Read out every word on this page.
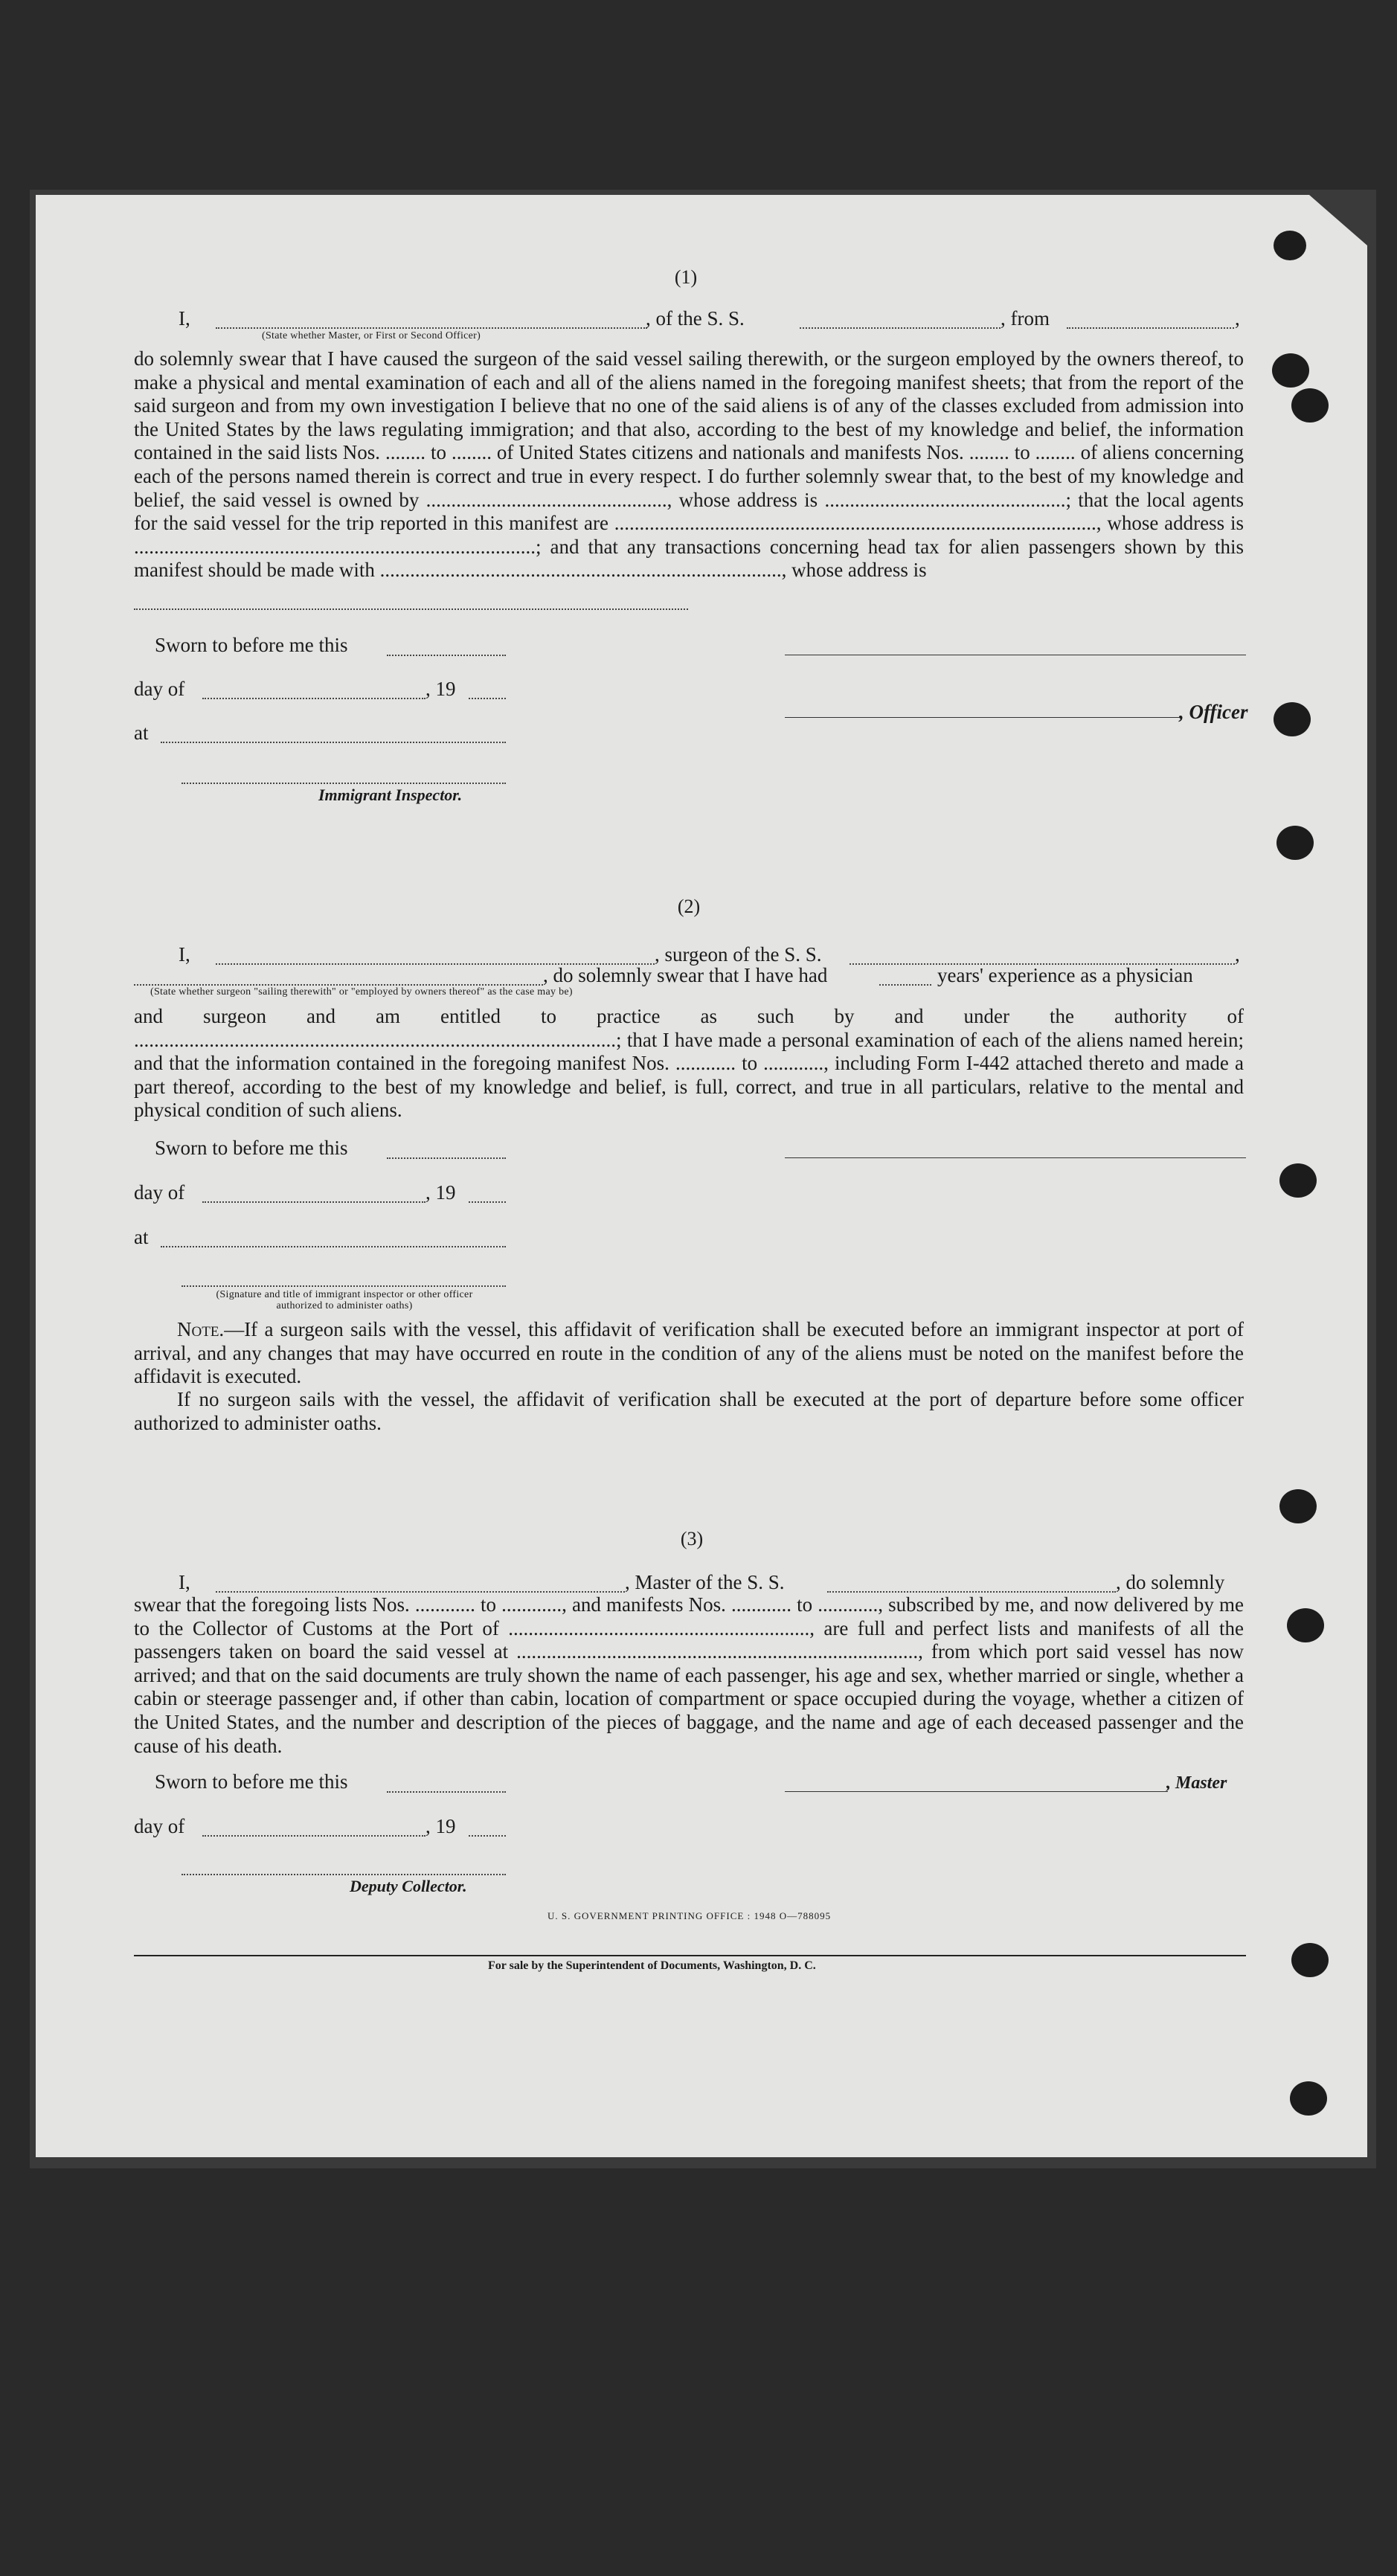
(1)
I,	, of the S. S.	, from	,
(State whether Master, or First or Second Officer)
do solemnly swear that I have caused the surgeon of the said vessel sailing therewith, or the surgeon employed by the owners thereof, to make a physical and mental examination of each and all of the aliens named in the foregoing manifest sheets; that from the report of the said surgeon and from my own investigation I believe that no one of the said aliens is of any of the classes excluded from admission into the United States by the laws regulating immigration; and that also, according to the best of my knowledge and belief, the information contained in the said lists Nos. ........ to ........ of United States citizens and nationals and manifests Nos. ........ to ........ of aliens concerning each of the persons named therein is correct and true in every respect. I do further solemnly swear that, to the best of my knowledge and belief, the said vessel is owned by ................................................, whose address is ................................................; that the local agents for the said vessel for the trip reported in this manifest are ................................................................................................, whose address is ................................................................................; and that any transactions concerning head tax for alien passengers shown by this manifest should be made with ................................................................................, whose address is
Sworn to before me this
day of	, 19
, Officer
at
Immigrant Inspector.
(2)
I,	, surgeon of the S. S.	,
, do solemnly swear that I have had	years' experience as a physician
(State whether surgeon "sailing therewith" or "employed by owners thereof" as the case may be)
and surgeon and am entitled to practice as such by and under the authority of ................................................................................................; that I have made a personal examination of each of the aliens named herein; and that the information contained in the foregoing manifest Nos. ............ to ............, including Form I-442 attached thereto and made a part thereof, according to the best of my knowledge and belief, is full, correct, and true in all particulars, relative to the mental and physical condition of such aliens.
Sworn to before me this
day of	, 19
at
(Signature and title of immigrant inspector or other officer authorized to administer oaths)
Note.—If a surgeon sails with the vessel, this affidavit of verification shall be executed before an immigrant inspector at port of arrival, and any changes that may have occurred en route in the condition of any of the aliens must be noted on the manifest before the affidavit is executed.
If no surgeon sails with the vessel, the affidavit of verification shall be executed at the port of departure before some officer authorized to administer oaths.
(3)
I,	, Master of the S. S.	, do solemnly
swear that the foregoing lists Nos. ............ to ............, and manifests Nos. ............ to ............, subscribed by me, and now delivered by me to the Collector of Customs at the Port of ............................................................, are full and perfect lists and manifests of all the passengers taken on board the said vessel at ................................................................................, from which port said vessel has now arrived; and that on the said documents are truly shown the name of each passenger, his age and sex, whether married or single, whether a cabin or steerage passenger and, if other than cabin, location of compartment or space occupied during the voyage, whether a citizen of the United States, and the number and description of the pieces of baggage, and the name and age of each deceased passenger and the cause of his death.
Sworn to before me this	, Master
day of	, 19
Deputy Collector.
U. S. GOVERNMENT PRINTING OFFICE : 1948 O—788095
For sale by the Superintendent of Documents, Washington, D. C.
